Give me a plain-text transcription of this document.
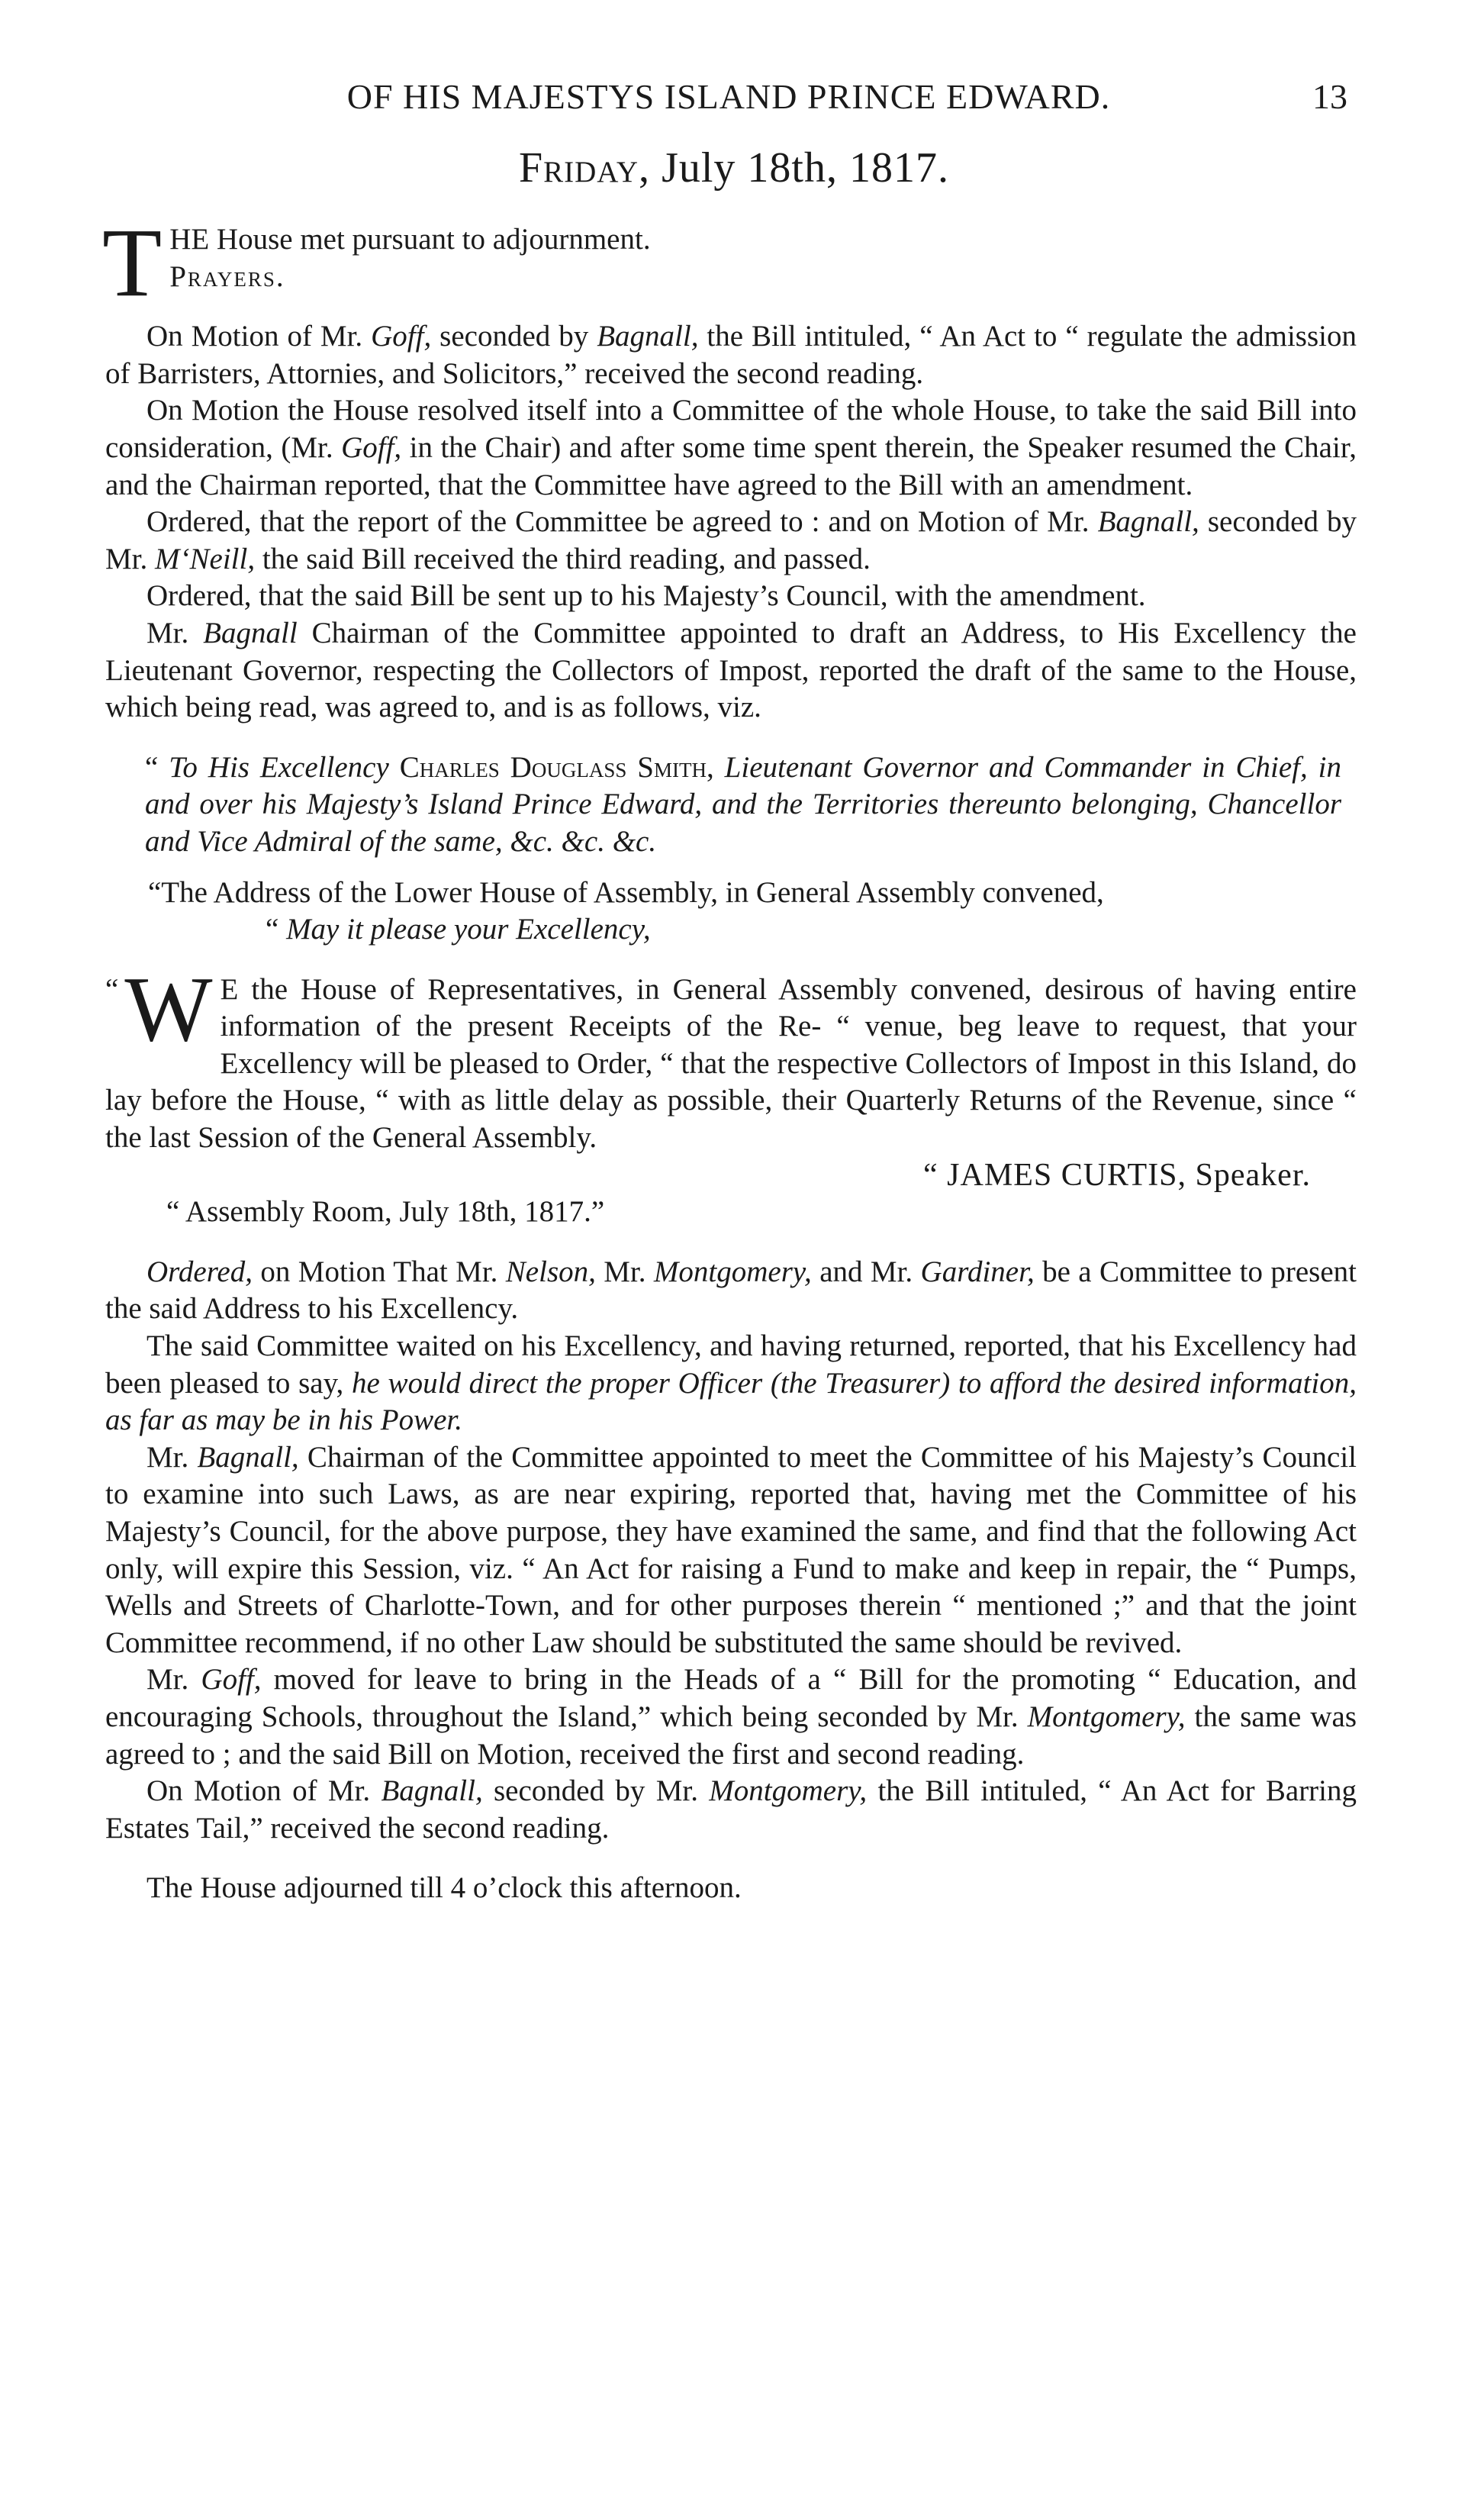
OF HIS MAJESTYS ISLAND PRINCE EDWARD.	13
Friday, July 18th, 1817.
T HE House met pursuant to adjournment.

Prayers.

On Motion of Mr. Goff, seconded by Bagnall, the Bill intituled, “ An Act to “ regulate the admission of Barristers, Attornies, and Solicitors,” received the second reading.

On Motion the House resolved itself into a Committee of the whole House, to take the said Bill into consideration, (Mr. Goff, in the Chair) and after some time spent therein, the Speaker resumed the Chair, and the Chairman reported, that the Committee have agreed to the Bill with an amendment.

Ordered, that the report of the Committee be agreed to : and on Motion of Mr. Bagnall, seconded by Mr. M‘Neill, the said Bill received the third reading, and passed.

Ordered, that the said Bill be sent up to his Majesty’s Council, with the amendment.

Mr. Bagnall Chairman of the Committee appointed to draft an Address, to His Excellency the Lieutenant Governor, respecting the Collectors of Impost, reported the draft of the same to the House, which being read, was agreed to, and is as follows, viz.

“ To His Excellency Charles Douglass Smith, Lieutenant Governor and Commander in Chief, in and over his Majesty’s Island Prince Edward, and the Territories thereunto belonging, Chancellor and Vice Admiral of the same, &c. &c. &c.

“The Address of the Lower House of Assembly, in General Assembly convened,

“ May it please your Excellency,

“ W E the House of Representatives, in General Assembly convened, desirous of having entire information of the present Receipts of the Re- “ venue, beg leave to request, that your Excellency will be pleased to Order, “ that the respective Collectors of Impost in this Island, do lay before the House, “ with as little delay as possible, their Quarterly Returns of the Revenue, since “ the last Session of the General Assembly.

“ JAMES CURTIS, Speaker.

“ Assembly Room, July 18th, 1817.”

Ordered, on Motion That Mr. Nelson, Mr. Montgomery, and Mr. Gardiner, be a Committee to present the said Address to his Excellency.

The said Committee waited on his Excellency, and having returned, reported, that his Excellency had been pleased to say, he would direct the proper Officer (the Treasurer) to afford the desired information, as far as may be in his Power.

Mr. Bagnall, Chairman of the Committee appointed to meet the Committee of his Majesty’s Council to examine into such Laws, as are near expiring, reported that, having met the Committee of his Majesty’s Council, for the above purpose, they have examined the same, and find that the following Act only, will expire this Session, viz. “ An Act for raising a Fund to make and keep in repair, the “ Pumps, Wells and Streets of Charlotte-Town, and for other purposes therein “ mentioned ;” and that the joint Committee recommend, if no other Law should be substituted the same should be revived.

Mr. Goff, moved for leave to bring in the Heads of a “ Bill for the promoting “ Education, and encouraging Schools, throughout the Island,” which being seconded by Mr. Montgomery, the same was agreed to ; and the said Bill on Motion, received the first and second reading.

On Motion of Mr. Bagnall, seconded by Mr. Montgomery, the Bill intituled, “ An Act for Barring Estates Tail,” received the second reading.

The House adjourned till 4 o’clock this afternoon.
